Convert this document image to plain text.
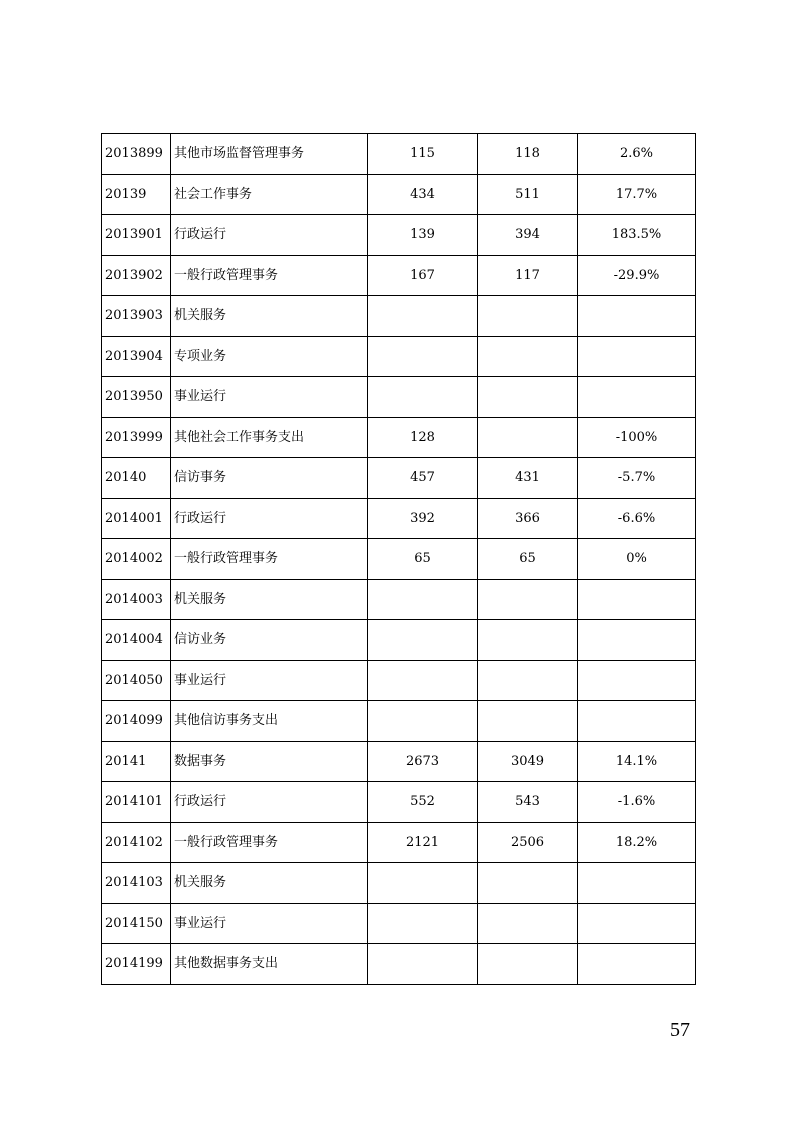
2013899	其他市场监督管理事务	115	118	2.6%
20139	社会工作事务	434	511	17.7%
2013901	行政运行	139	394	183.5%
2013902	一般行政管理事务	167	117	-29.9%
2013903	机关服务			
2013904	专项业务			
2013950	事业运行			
2013999	其他社会工作事务支出	128		-100%
20140	信访事务	457	431	-5.7%
2014001	行政运行	392	366	-6.6%
2014002	一般行政管理事务	65	65	0%
2014003	机关服务			
2014004	信访业务			
2014050	事业运行			
2014099	其他信访事务支出			
20141	数据事务	2673	3049	14.1%
2014101	行政运行	552	543	-1.6%
2014102	一般行政管理事务	2121	2506	18.2%
2014103	机关服务			
2014150	事业运行			
2014199	其他数据事务支出			
57
